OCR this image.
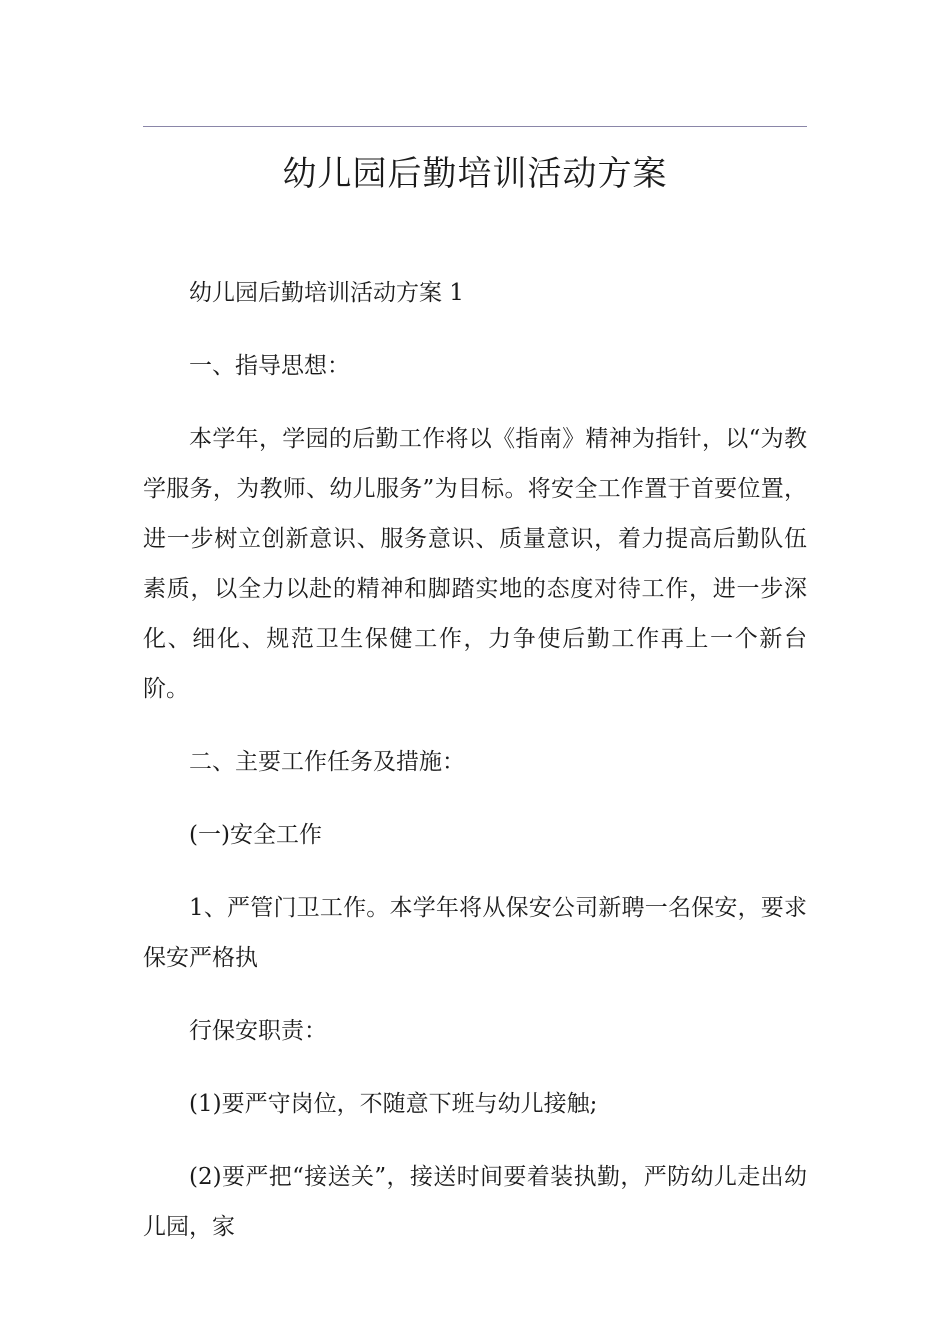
幼儿园后勤培训活动方案

幼儿园后勤培训活动方案 1

一、指导思想：

本学年，学园的后勤工作将以《指南》精神为指针，以“为教学服务，为教师、幼儿服务”为目标。将安全工作置于首要位置，进一步树立创新意识、服务意识、质量意识，着力提高后勤队伍素质，以全力以赴的精神和脚踏实地的态度对待工作，进一步深化、细化、规范卫生保健工作，力争使后勤工作再上一个新台阶。

二、主要工作任务及措施：

(一)安全工作

1、严管门卫工作。本学年将从保安公司新聘一名保安，要求保安严格执

行保安职责：

(1)要严守岗位，不随意下班与幼儿接触;

(2)要严把“接送关”，接送时间要着装执勤，严防幼儿走出幼儿园，家
